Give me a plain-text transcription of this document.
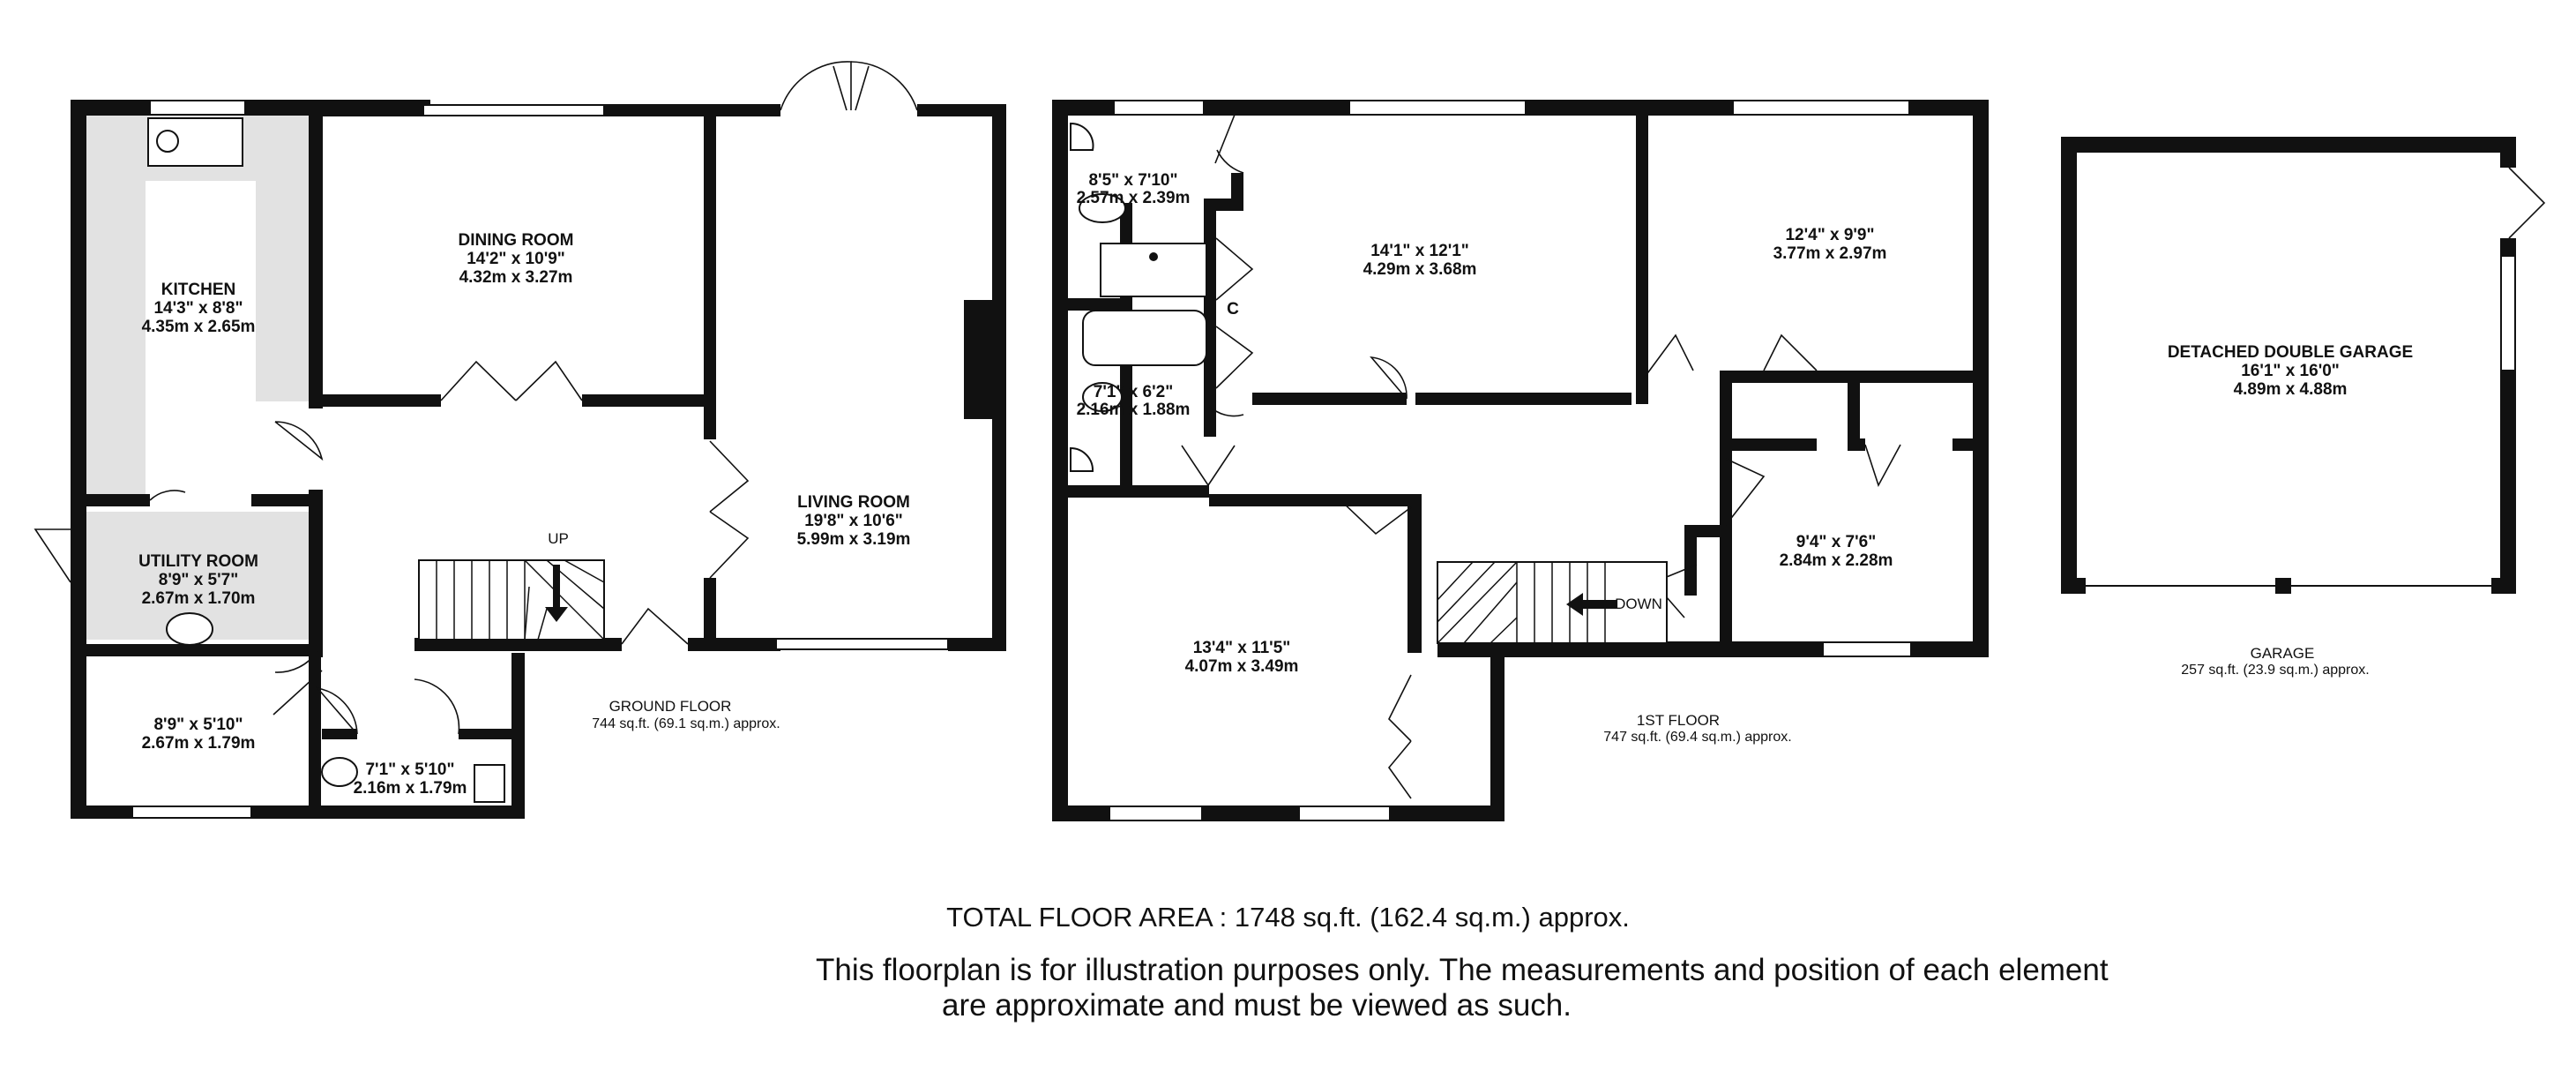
KITCHEN
14'3" x 8'8"
4.35m x 2.65m
DINING ROOM
14'2" x 10'9"
4.32m x 3.27m
LIVING ROOM
19'8" x 10'6"
5.99m x 3.19m
UTILITY ROOM
8'9" x 5'7"
2.67m x 1.70m
8'9" x 5'10"
2.67m x 1.79m
7'1" x 5'10"
2.16m x 1.79m
UP
GROUND FLOOR
744 sq.ft. (69.1 sq.m.) approx.
C
8'5" x 7'10"
2.57m x 2.39m
7'1" x 6'2"
2.16m x 1.88m
14'1" x 12'1"
4.29m x 3.68m
12'4" x 9'9"
3.77m x 2.97m
13'4" x 11'5"
4.07m x 3.49m
9'4" x 7'6"
2.84m x 2.28m
DOWN
1ST FLOOR
747 sq.ft. (69.4 sq.m.) approx.
DETACHED DOUBLE GARAGE
16'1" x 16'0"
4.89m x 4.88m
GARAGE
257 sq.ft. (23.9 sq.m.) approx.
TOTAL FLOOR AREA : 1748 sq.ft. (162.4 sq.m.) approx.
This floorplan is for illustration purposes only. The measurements and position of each element
are approximate and must be viewed as such.
